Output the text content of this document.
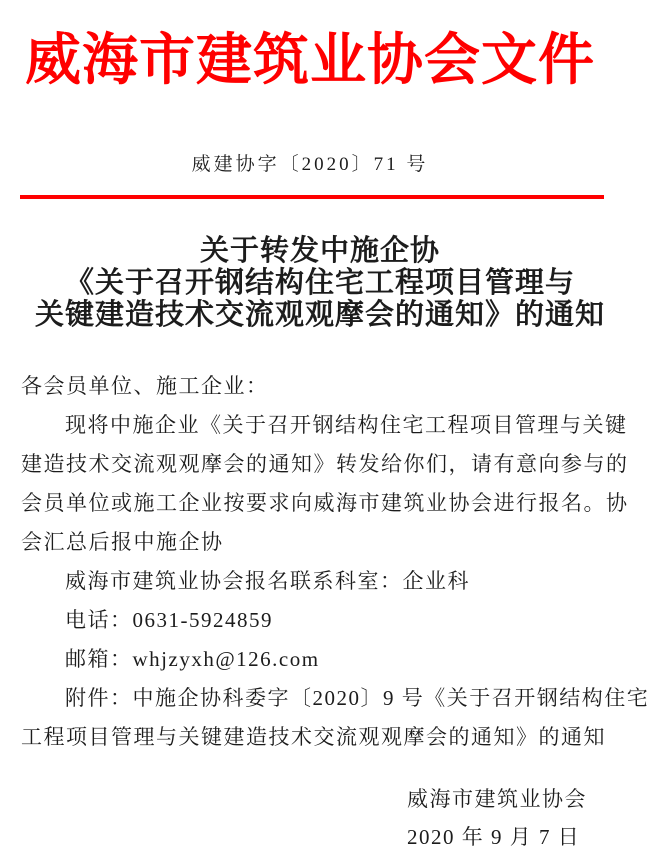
威海市建筑业协会文件
威建协字〔2020〕71 号
关于转发中施企协
《关于召开钢结构住宅工程项目管理与
关键建造技术交流观观摩会的通知》的通知
各会员单位、施工企业：
现将中施企业《关于召开钢结构住宅工程项目管理与关键
建造技术交流观观摩会的通知》转发给你们，请有意向参与的
会员单位或施工企业按要求向威海市建筑业协会进行报名。协
会汇总后报中施企协
威海市建筑业协会报名联系科室：企业科
电话：0631-5924859
邮箱：whjzyxh@126.com
附件：中施企协科委字〔2020〕9 号《关于召开钢结构住宅
工程项目管理与关键建造技术交流观观摩会的通知》的通知
威海市建筑业协会
2020 年 9 月 7 日
